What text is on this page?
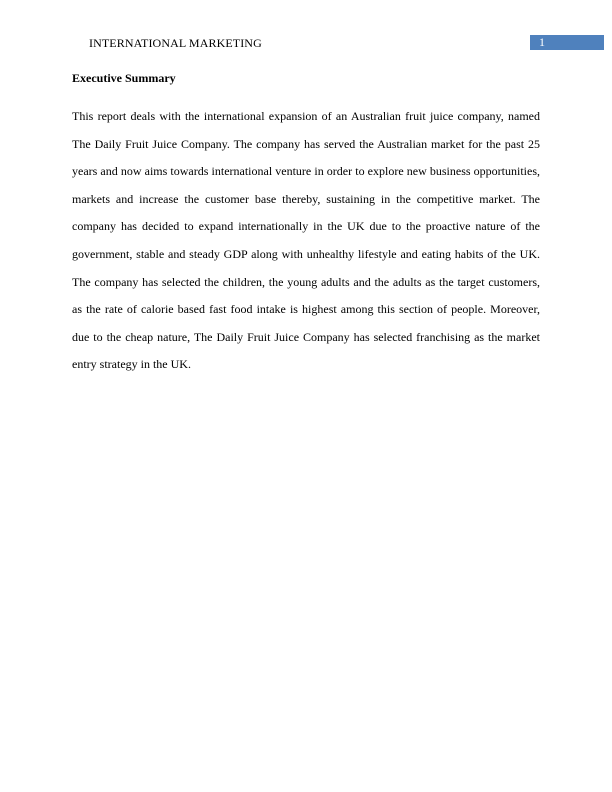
INTERNATIONAL MARKETING	1
Executive Summary

This report deals with the international expansion of an Australian fruit juice company, named The Daily Fruit Juice Company. The company has served the Australian market for the past 25 years and now aims towards international venture in order to explore new business opportunities, markets and increase the customer base thereby, sustaining in the competitive market. The company has decided to expand internationally in the UK due to the proactive nature of the government, stable and steady GDP along with unhealthy lifestyle and eating habits of the UK. The company has selected the children, the young adults and the adults as the target customers, as the rate of calorie based fast food intake is highest among this section of people. Moreover, due to the cheap nature, The Daily Fruit Juice Company has selected franchising as the market entry strategy in the UK.
